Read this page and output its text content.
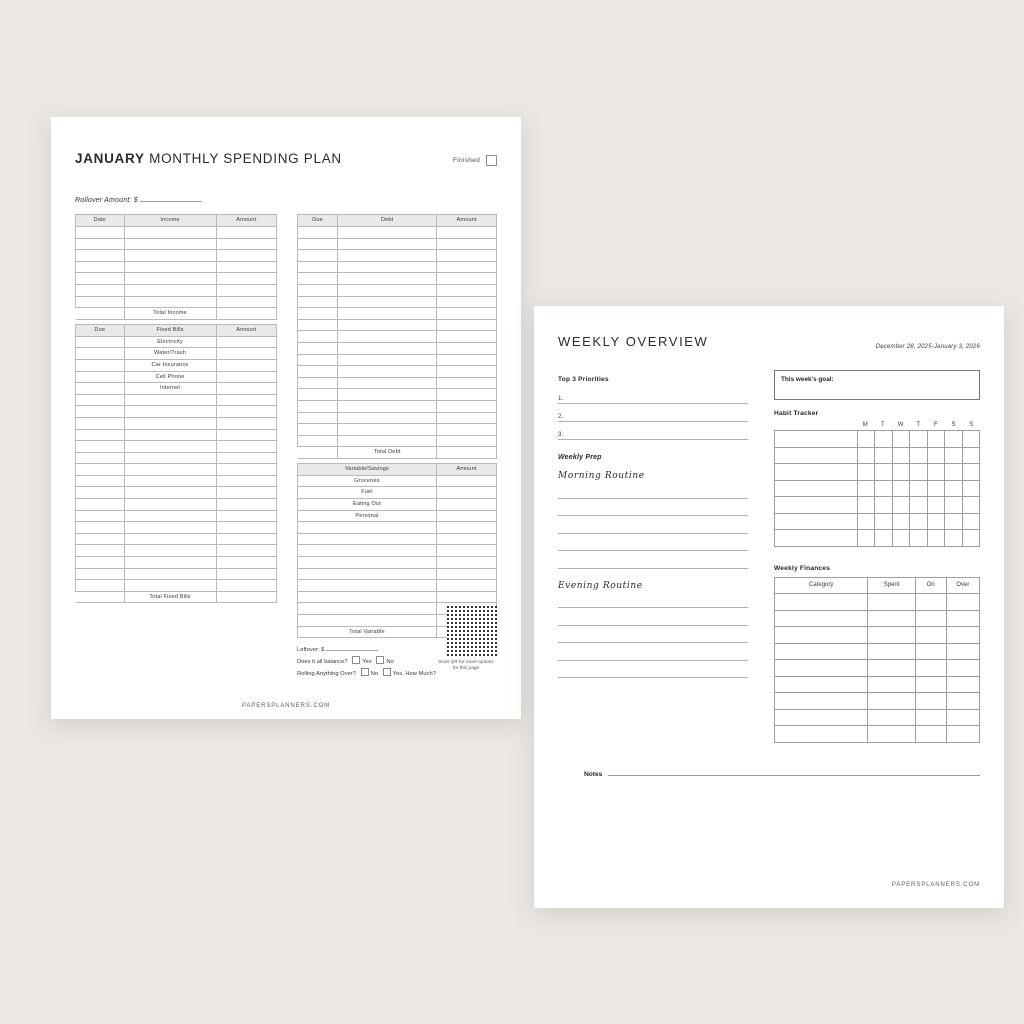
JANUARY MONTHLY SPENDING PLAN	Finished
Rollover Amount: $
Date	Income	Amount

	Total Income	
Due	Fixed Bills	Amount
	Electricity	
	Water/Trash	
	Car Insurance	
	Cell Phone	
	Internet	

	Total Fixed Bills	
Due	Debt	Amount

	Total Debt	
Variable/Savings	Amount
Groceries	
Fuel	
Eating Out	
Personal	

Total Variable	
Leftover: $
Does it all balance?	Yes	No
Rolling Anything Over?	No	Yes, How Much?
Scan QR for more options for this page
PAPERSPLANNERS.COM
WEEKLY OVERVIEW	December 28, 2025-January 3, 2026
Top 3 Priorities
1.
2.
3.
Weekly Prep
Morning Routine
Evening Routine
This week's goal:
Habit Tracker
M	T	W	T	F	S	S

Weekly Finances
Category	Spent	On	Over

Notes
PAPERSPLANNERS.COM
